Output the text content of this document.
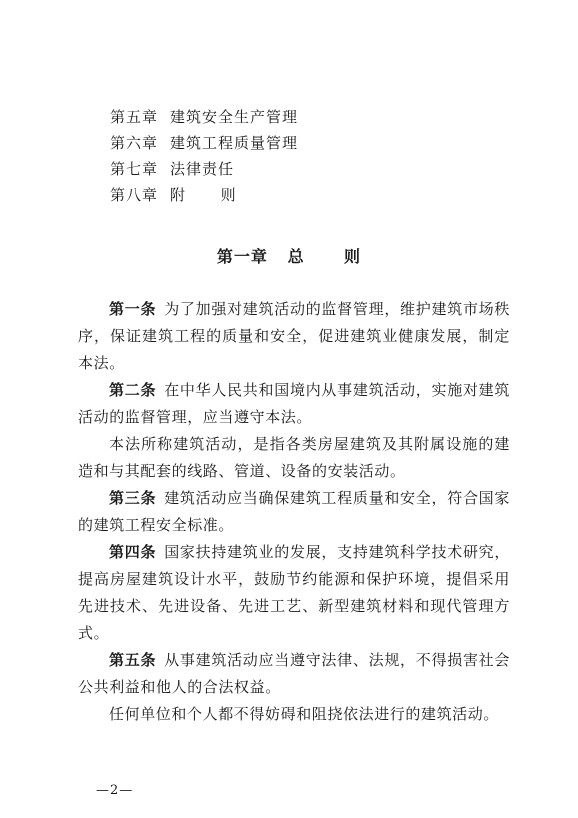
第五章 建筑安全生产管理
第六章 建筑工程质量管理
第七章 法律责任
第八章 附      则
第一章   总      则

第一条 为了加强对建筑活动的监督管理，维护建筑市场秩序，保证建筑工程的质量和安全，促进建筑业健康发展，制定本法。

第二条 在中华人民共和国境内从事建筑活动，实施对建筑活动的监督管理，应当遵守本法。

本法所称建筑活动，是指各类房屋建筑及其附属设施的建造和与其配套的线路、管道、设备的安装活动。

第三条 建筑活动应当确保建筑工程质量和安全，符合国家的建筑工程安全标准。

第四条 国家扶持建筑业的发展，支持建筑科学技术研究，提高房屋建筑设计水平，鼓励节约能源和保护环境，提倡采用先进技术、先进设备、先进工艺、新型建筑材料和现代管理方式。

第五条 从事建筑活动应当遵守法律、法规，不得损害社会公共利益和他人的合法权益。

任何单位和个人都不得妨碍和阻挠依法进行的建筑活动。

—2—
